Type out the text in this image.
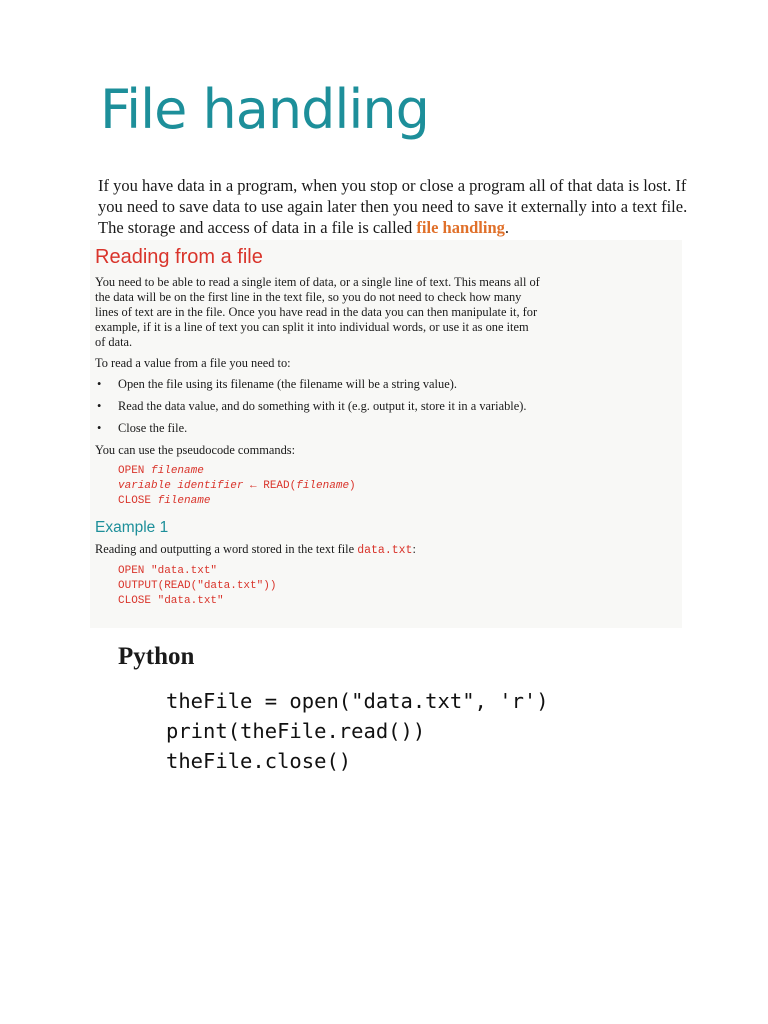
File handling

If you have data in a program, when you stop or close a program all of that data is lost. If you need to save data to use again later then you need to save it externally into a text file. The storage and access of data in a file is called file handling.

Reading from a file

You need to be able to read a single item of data, or a single line of text. This means all of the data will be on the first line in the text file, so you do not need to check how many lines of text are in the file. Once you have read in the data you can then manipulate it, for example, if it is a line of text you can split it into individual words, or use it as one item of data.

To read a value from a file you need to:

• Open the file using its filename (the filename will be a string value).
• Read the data value, and do something with it (e.g. output it, store it in a variable).
• Close the file.

You can use the pseudocode commands:

OPEN filename
variable identifier ← READ(filename)
CLOSE filename
Example 1

Reading and outputting a word stored in the text file data.txt:

OPEN "data.txt"
OUTPUT(READ("data.txt"))
CLOSE "data.txt"
Python
theFile = open("data.txt", 'r')
print(theFile.read())
theFile.close()
